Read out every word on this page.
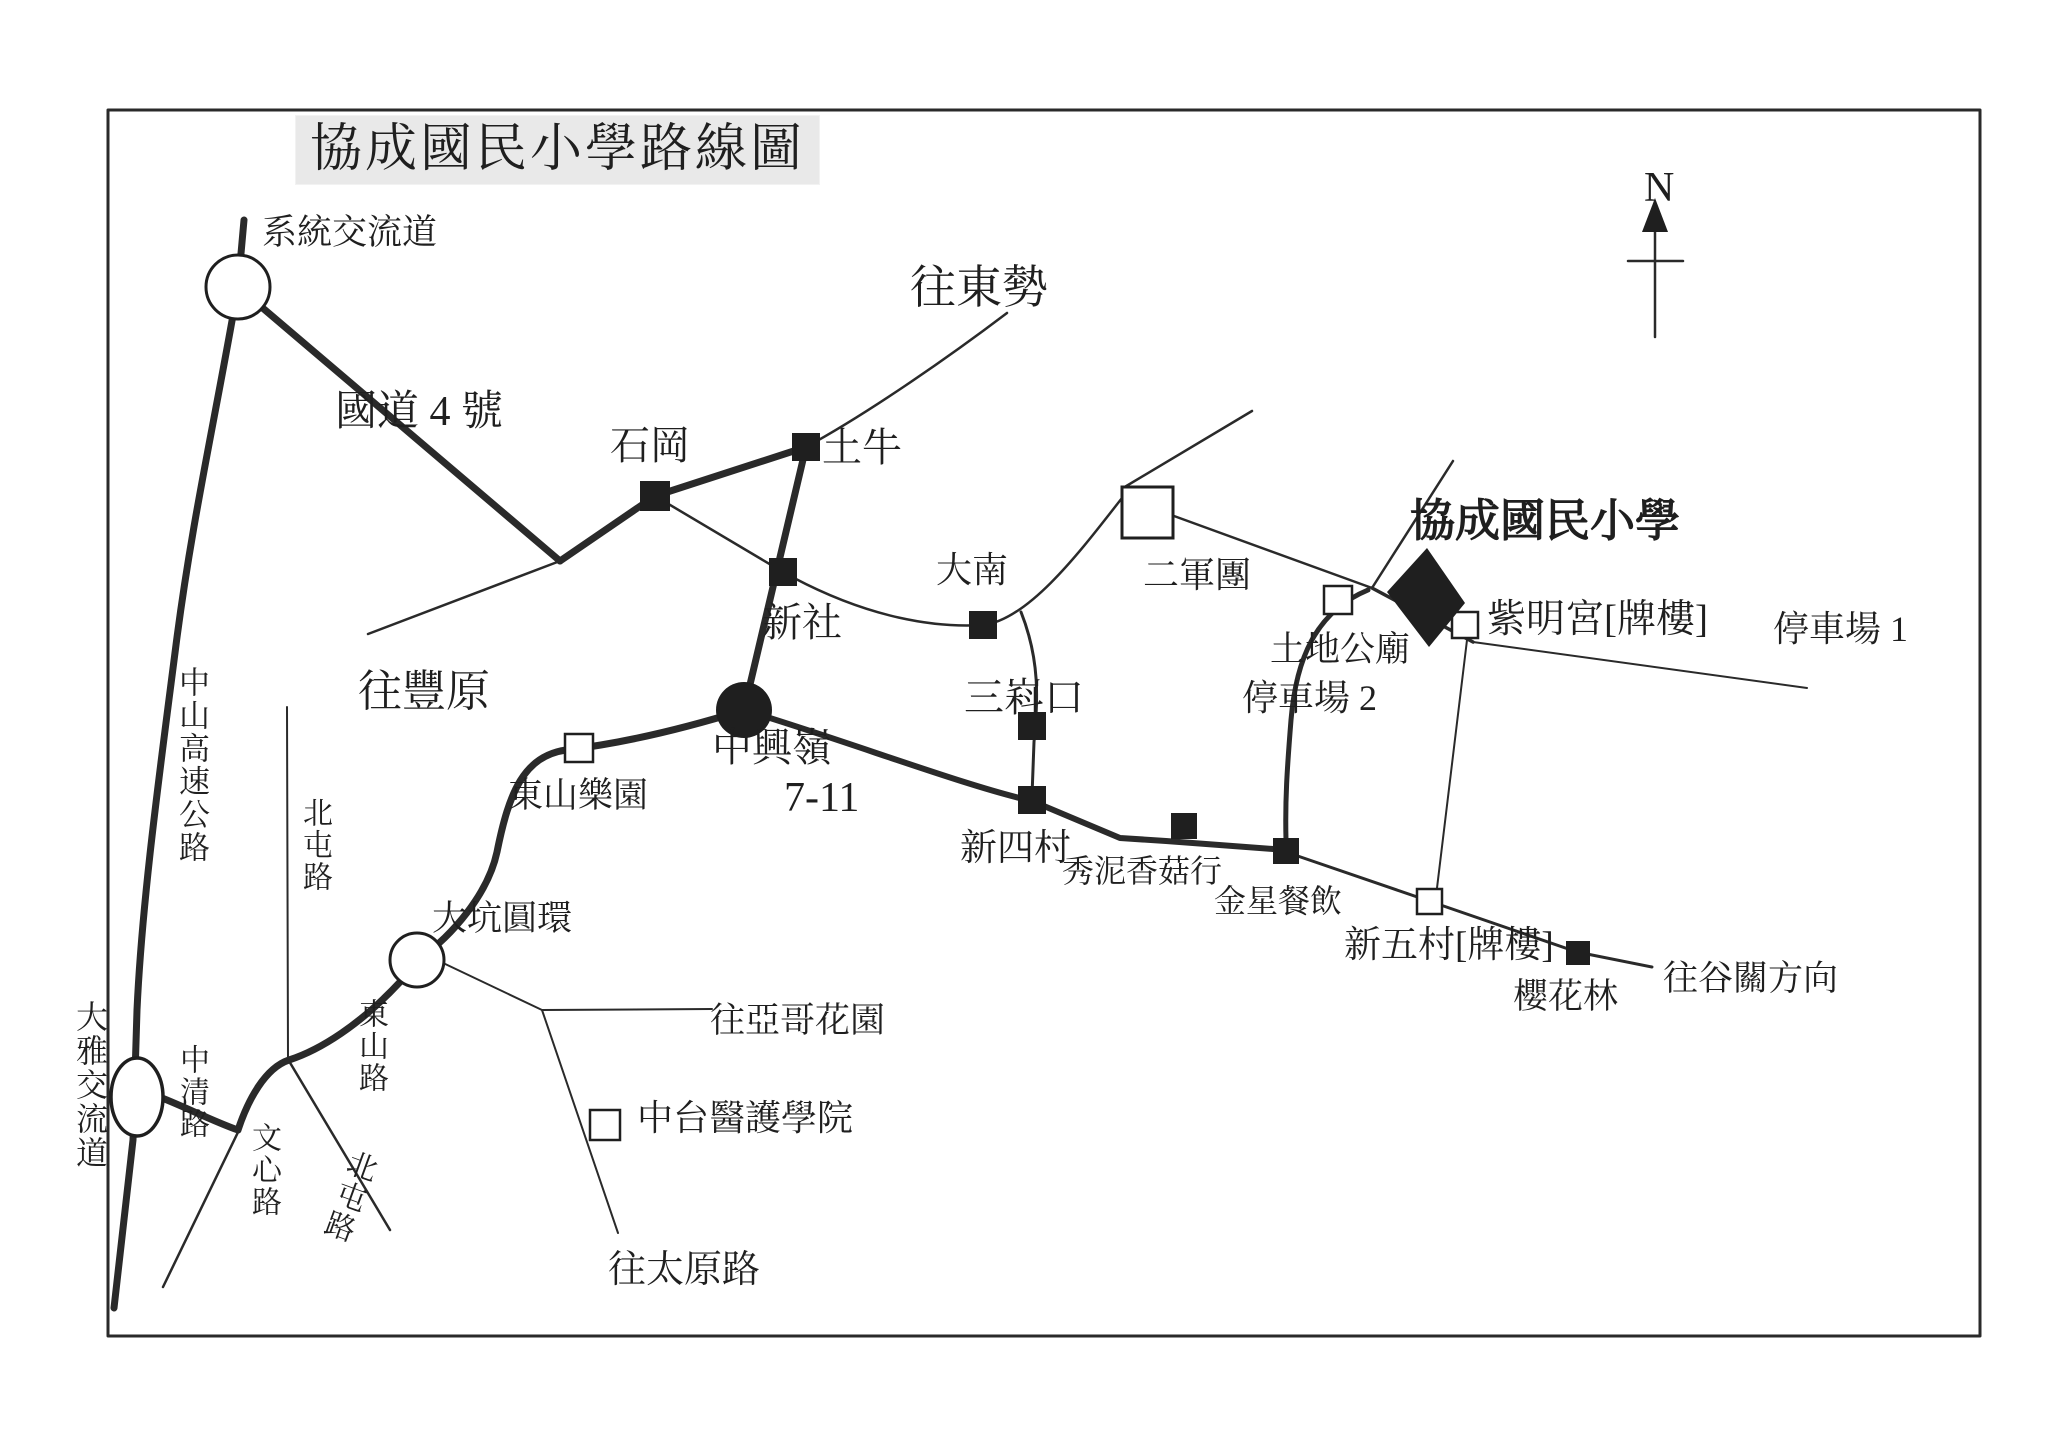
協成國民小學路線圖
N
系統交流道
國道 4 號
往東勢
石岡	土牛
新社
大南	二軍團
協成國民小學
土地公廟
停車場 2
紫明宮[牌樓] 停車場 1
三嵙口
中興嶺
7-11
東山樂園
新四村
秀泥香菇行
金星餐飲
新五村[牌樓]
櫻花林 往谷關方向
往豐原
大坑圓環
往亞哥花園
中台醫護學院
往太原路
中山高速公路	北屯路
大雅交流道 中清路
文心路
東山路
北屯路
